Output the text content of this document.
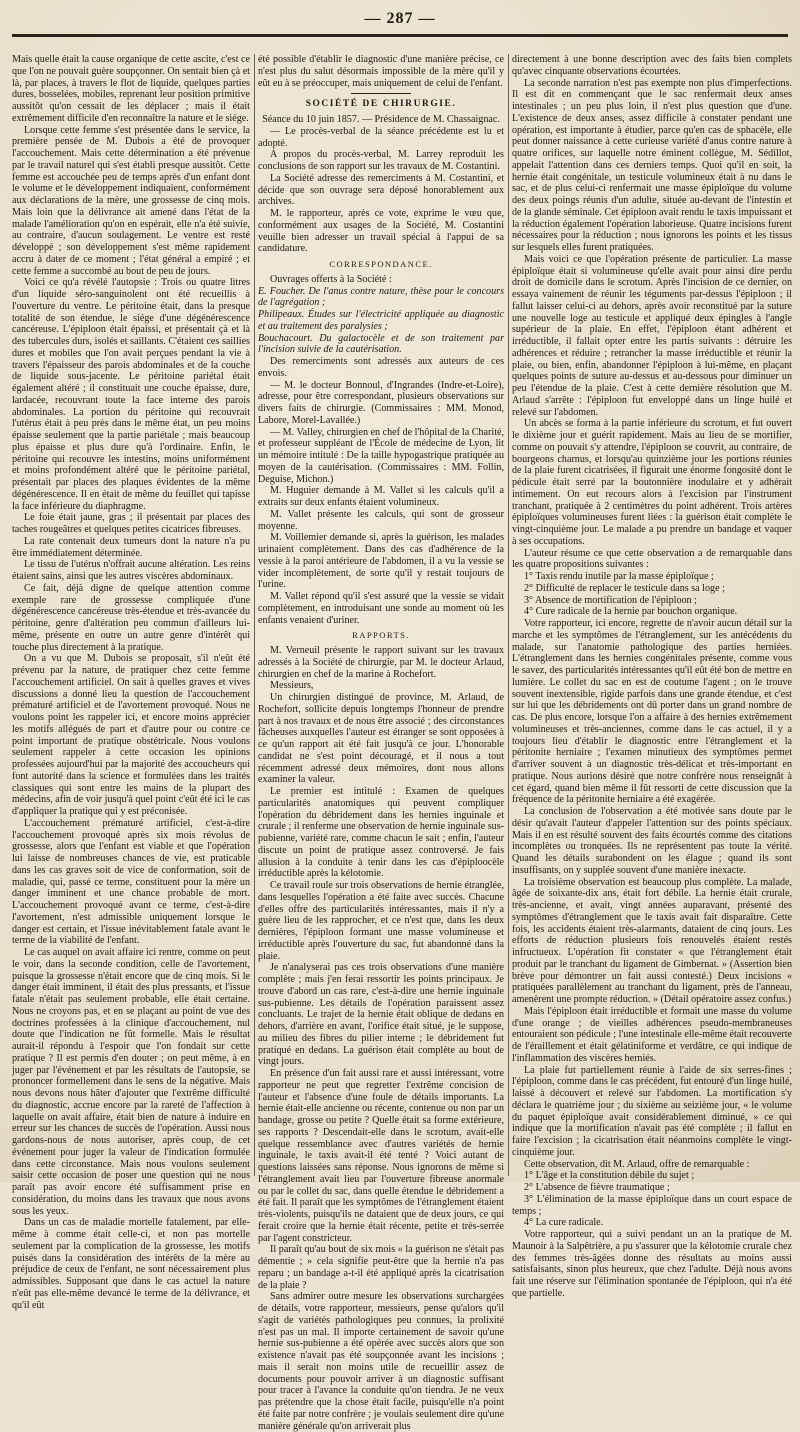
— 287 —

Mais quelle était la cause organique de cette ascite, c'est ce que l'on ne pouvait guère soupçonner. On sentait bien çà et là, par places, à travers le flot de liquide, quelques parties dures, bosselées, mobiles, reprenant leur position primitive aussitôt qu'on cessait de les déplacer ; mais il était extrêmement difficile d'en reconnaître la nature et le siége.

Lorsque cette femme s'est présentée dans le service, la première pensée de M. Dubois a été de provoquer l'accouchement. Mais cette détermination a été prévenue par le travail naturel qui s'est établi presque aussitôt. Cette femme est accouchée peu de temps après d'un enfant dont le volume et le développement indiquaient, conformément aux déclarations de la mère, une grossesse de cinq mois. Mais loin que la délivrance ait amené dans l'état de la malade l'amélioration qu'on en espérait, elle n'a été suivie, au contraire, d'aucun soulagement. Le ventre est resté développé ; son développement s'est même rapidement accru à dater de ce moment ; l'état général a empiré ; et cette femme a succombé au bout de peu de jours.

Voici ce qu'a révélé l'autopsie : Trois ou quatre litres d'un liquide séro-sanguinolent ont été recueillis à l'ouverture du ventre. Le péritoine était, dans la presque totalité de son étendue, le siége d'une dégénérescence cancéreuse. L'épiploon était épaissi, et présentait çà et là des tubercules durs, isolés et saillants. C'étaient ces saillies dures et mobiles que l'on avait perçues pendant la vie à travers l'épaisseur des parois abdominales et de la couche de liquide sous-jacente. Le péritoine pariétal était également altéré ; il constituait une couche épaisse, dure, lardacée, recouvrant toute la face interne des parois abdominales. La portion du péritoine qui recouvrait l'utérus était à peu près dans le même état, un peu moins épaisse seulement que la partie pariétale ; mais beaucoup plus épaisse et plus dure qu'à l'ordinaire. Enfin, le péritoine qui recouvre les intestins, moins uniformément et moins profondément altéré que le péritoine pariétal, présentait par places des plaques évidentes de la même dégénérescence. Il en était de même du feuillet qui tapisse la face inférieure du diaphragme.

Le foie était jaune, gras ; il présentait par places des taches rougeâtres et quelques petites cicatrices fibreuses.

La rate contenait deux tumeurs dont la nature n'a pu être immédiatement déterminée.

Le tissu de l'utérus n'offrait aucune altération. Les reins étaient sains, ainsi que les autres viscères abdominaux.

Ce fait, déjà digne de quelque attention comme exemple rare de grossesse compliquée d'une dégénérescence cancéreuse très-étendue et très-avancée du péritoine, genre d'altération peu commun d'ailleurs lui-même, présente en outre un autre genre d'intérêt qui touche plus directement à la pratique.

On a vu que M. Dubois se proposait, s'il n'eût été prévenu par la nature, de pratiquer chez cette femme l'accouchement artificiel. On sait à quelles graves et vives discussions a donné lieu la question de l'accouchement prématuré artificiel et de l'avortement provoqué. Nous ne voulons point les rappeler ici, et encore moins apprécier les motifs allégués de part et d'autre pour ou contre ce point important de pratique obstétricale. Nous voulons seulement rappeler à cette occasion les opinions professées aujourd'hui par la majorité des accoucheurs qui font autorité dans la science et formulées dans les traités classiques qui sont entre les mains de la plupart des médecins, afin de voir jusqu'à quel point c'eût été ici le cas d'appliquer la pratique qui y est préconisée.

L'accouchement prématuré artificiel, c'est-à-dire l'accouchement provoqué après six mois révolus de grossesse, alors que l'enfant est viable et que l'opération lui laisse de nombreuses chances de vie, est praticable dans les cas graves soit de vice de conformation, soit de maladie, qui, passé ce terme, constituent pour la mère un danger imminent et une chance probable de mort. L'accouchement provoqué avant ce terme, c'est-à-dire l'avortement, n'est admissible uniquement lorsque le danger est certain, et l'issue inévitablement fatale avant le terme de la viabilité de l'enfant.

Le cas auquel on avait affaire ici rentre, comme on peut le voir, dans la seconde condition, celle de l'avortement, puisque la grossesse n'était encore que de cinq mois. Si le danger était imminent, il était des plus pressants, et l'issue fatale n'était pas seulement probable, elle était certaine. Nous ne croyons pas, et en se plaçant au point de vue des doctrines professées à la clinique d'accouchement, nul doute que l'indication ne fût formelle. Mais le résultat aurait-il répondu à l'espoir que l'on fondait sur cette pratique ? Il est permis d'en douter ; on peut même, à en juger par l'événement et par les résultats de l'autopsie, se prononcer formellement dans le sens de la négative. Mais nous devons nous hâter d'ajouter que l'extrême difficulté du diagnostic, accrue encore par la rareté de l'affection à laquelle on avait affaire, était bien de nature à induire en erreur sur les chances de succès de l'opération. Aussi nous gardons-nous de nous autoriser, après coup, de cet événement pour juger la valeur de l'indication formulée dans cette circonstance. Mais nous voulons seulement saisir cette occasion de poser une question qui ne nous paraît pas avoir encore été suffisamment prise en considération, du moins dans les travaux que nous avons sous les yeux.

Dans un cas de maladie mortelle fatalement, par elle-même à comme était celle-ci, et non pas mortelle seulement par la complication de la grossesse, les motifs puisés dans la considération des intérêts de la mère au préjudice de ceux de l'enfant, ne sont nécessairement plus admissibles. Supposant que dans le cas actuel la nature n'eût pas elle-même devancé le terme de la délivrance, et qu'il eût

été possible d'établir le diagnostic d'une manière précise, ce n'est plus du salut désormais impossible de la mère qu'il y eût eu à se préoccuper, mais uniquement de celui de l'enfant.

SOCIÉTÉ DE CHIRURGIE.

Séance du 10 juin 1857. — Présidence de M. Chassaignac.

— Le procès-verbal de la séance précédente est lu et adopté.

A propos du procès-verbal, M. Larrey reproduit les conclusions de son rapport sur les travaux de M. Costantini.

La Société adresse des remerciments à M. Costantini, et décide que son ouvrage sera déposé honorablement aux archives.

M. le rapporteur, après ce vote, exprime le vœu que, conformément aux usages de la Société, M. Costantini veuille bien adresser un travail spécial à l'appui de sa candidature.

CORRESPONDANCE.

Ouvrages offerts à la Société :

E. Foucher. De l'anus contre nature, thèse pour le concours de l'agrégation ;

Philipeaux. Études sur l'électricité appliquée au diagnostic et au traitement des paralysies ;

Bouchacourt. Du galactocèle et de son traitement par l'incision suivie de la cautérisation.

Des remerciments sont adressés aux auteurs de ces envois.

— M. le docteur Bonnoul, d'Ingrandes (Indre-et-Loire), adresse, pour être correspondant, plusieurs observations sur divers faits de chirurgie. (Commissaires : MM. Monod, Labore, Morel-Lavallée.)

— M. Valley, chirurgien en chef de l'hôpital de la Charité, et professeur suppléant de l'École de médecine de Lyon, lit un mémoire intitulé : De la taille hypogastrique pratiquée au moyen de la cautérisation. (Commissaires : MM. Follin, Deguise, Michon.)

M. Huguier demande à M. Vallet si les calculs qu'il a extraits sur deux enfants étaient volumineux.

M. Vallet présente les calculs, qui sont de grosseur moyenne.

M. Voillemier demande si, après la guérison, les malades urinaient complètement. Dans des cas d'adhérence de la vessie à la paroi antérieure de l'abdomen, il a vu la vessie se vider incomplètement, de sorte qu'il y restait toujours de l'urine.

M. Vallet répond qu'il s'est assuré que la vessie se vidait complètement, en introduisant une sonde au moment où les enfants venaient d'uriner.

RAPPORTS.

M. Verneuil présente le rapport suivant sur les travaux adressés à la Société de chirurgie, par M. le docteur Arlaud, chirurgien en chef de la marine à Rochefort.

Messieurs,

Un chirurgien distingué de province, M. Arlaud, de Rochefort, sollicite depuis longtemps l'honneur de prendre part à nos travaux et de nous être associé ; des circonstances fâcheuses auxquelles l'auteur est étranger se sont opposées à ce qu'un rapport ait été fait jusqu'à ce jour. L'honorable candidat ne s'est point découragé, et il nous a tout récemment adressé deux mémoires, dont nous allons examiner la valeur.

Le premier est intitulé : Examen de quelques particularités anatomiques qui peuvent compliquer l'opération du débridement dans les hernies inguinale et crurale ; il renferme une observation de hernie inguinale sus-pubienne, variété rare, comme chacun le sait ; enfin, l'auteur discute un point de pratique assez controversé. Je fais allusion à la conduite à tenir dans les cas d'épiploocèle irréductible après la kélotomie.

Ce travail roule sur trois observations de hernie étranglée, dans lesquelles l'opération a été faite avec succès. Chacune d'elles offre des particularités intéressantes, mais il n'y a guère lieu de les rapprocher, et ce n'est que, dans les deux dernières, l'épiploon formant une masse volumineuse et irréductible après l'ouverture du sac, fut abandonné dans la plaie.

Je n'analyserai pas ces trois observations d'une manière complète ; mais j'en ferai ressortir les points principaux. Je trouve d'abord un cas rare, c'est-à-dire une hernie inguinale sus-pubienne. Les détails de l'opération paraissent assez concluants. Le trajet de la hernie était oblique de dedans en dehors, d'arrière en avant, l'orifice était situé, je le suppose, au milieu des fibres du pilier interne ; le débridement fut pratiqué en dedans. La guérison était complète au bout de vingt jours.

En présence d'un fait aussi rare et aussi intéressant, votre rapporteur ne peut que regretter l'extrême concision de l'auteur et l'absence d'une foule de détails importants. La hernie était-elle ancienne ou récente, contenue ou non par un bandage, grosse ou petite ? Quelle était sa forme extérieure, ses rapports ? Descendait-elle dans le scrotum, avait-elle quelque ressemblance avec d'autres variétés de hernie inguinale, le taxis avait-il été tenté ? Voici autant de questions laissées sans réponse. Nous ignorons de même si l'étranglement avait lieu par l'ouverture fibreuse anormale ou par le collet du sac, dans quelle étendue le débridement a été fait. Il paraît que les symptômes de l'étranglement étaient très-violents, puisqu'ils ne dataient que de deux jours, ce qui ferait croire que la hernie était récente, petite et très-serrée par l'agent constricteur.

Il paraît qu'au bout de six mois « la guérison ne s'était pas démentie ; » cela signifie peut-être que la hernie n'a pas reparu ; un bandage a-t-il été appliqué après la cicatrisation de la plaie ?

Sans admirer outre mesure les observations surchargées de détails, votre rapporteur, messieurs, pense qu'alors qu'il s'agit de variétés pathologiques peu connues, la prolixité n'est pas un mal. Il importe certainement de savoir qu'une hernie sus-pubienne a été opérée avec succès alors que son existence n'avait pas été soupçonnée avant les incisions ; mais il serait non moins utile de recueillir assez de documents pour pouvoir arriver à un diagnostic suffisant pour tracer à l'avance la conduite qu'on tiendra. Je ne veux pas prétendre que la chose était facile, puisqu'elle n'a point été faite par notre confrère ; je voulais seulement dire qu'une manière générale qu'on arriverait plus

directement à une bonne description avec des faits bien complets qu'avec cinquante observations écourtées.

La seconde narration n'est pas exempte non plus d'imperfections. Il est dit en commençant que le sac renfermait deux anses intestinales ; un peu plus loin, il n'est plus question que d'une. L'existence de deux anses, assez difficile à constater pendant une opération, est importante à étudier, parce qu'en cas de sphacèle, elle peut donner naissance à cette curieuse variété d'anus contre nature à quatre orifices, sur laquelle notre éminent collègue, M. Sédillot, appelait l'attention dans ces derniers temps. Quoi qu'il en soit, la hernie était congénitale, un testicule volumineux était à nu dans le sac, et de plus celui-ci renfermait une masse épiploïque du volume des deux poings réunis d'un adulte, située au-devant de l'intestin et de la glande séminale. Cet épiploon avait rendu le taxis impuissant et la réduction également l'opération laborieuse. Quatre incisions furent nécessaires pour la réduction ; nous ignorons les points et les tissus sur lesquels elles furent pratiquées.

Mais voici ce que l'opération présente de particulier. La masse épiploïque était si volumineuse qu'elle avait pour ainsi dire perdu droit de domicile dans le scrotum. Après l'incision de ce dernier, on essaya vainement de réunir les téguments par-dessus l'épiploon ; il fallut laisser celui-ci au dehors, après avoir reconstitué par la suture une nouvelle loge au testicule et appliqué deux épingles à l'angle supérieur de la plaie. En effet, l'épiploon étant adhérent et irréductible, il fallait opter entre les partis suivants : détruire les adhérences et réduire ; retrancher la masse irréductible et réunir la plaie, ou bien, enfin, abandonner l'épiploon à lui-même, en plaçant quelques points de suture au-dessus et au-dessous pour diminuer un peu l'étendue de la plaie. C'est à cette dernière résolution que M. Arlaud s'arrête : l'épiploon fut enveloppé dans un linge huilé et relevé sur l'abdomen.

Un abcès se forma à la partie inférieure du scrotum, et fut ouvert le dixième jour et guérit rapidement. Mais au lieu de se mortifier, comme on pouvait s'y attendre, l'épiploon se couvrit, au contraire, de bourgeons charnus, et lorsqu'au quinzième jour les portions réunies de la plaie furent cicatrisées, il figurait une énorme fongosité dont le pédicule était serré par la boutonnière inodulaire et y adhérait intimement. On eut recours alors à l'excision par l'instrument tranchant, pratiquée à 2 centimètres du point adhérent. Trois artères épiploïques volumineuses furent liées : la guérison était complète le vingt-cinquième jour. Le malade a pu prendre un bandage et vaquer à ses occupations.

L'auteur résume ce que cette observation a de remarquable dans les quatre propositions suivantes :

1° Taxis rendu inutile par la masse épiploïque ;

2° Difficulté de replacer le testicule dans sa loge ;

3° Absence de mortification de l'épiploon ;

4° Cure radicale de la hernie par bouchon organique.

Votre rapporteur, ici encore, regrette de n'avoir aucun détail sur la marche et les symptômes de l'étranglement, sur les antécédents du malade, sur l'anatomie pathologique des parties herniées. L'étranglement dans les hernies congénitales présente, comme vous le savez, des particularités intéressantes qu'il eût été bon de mettre en lumière. Le collet du sac en est de coutume l'agent ; on le trouve souvent inextensible, rigide parfois dans une grande étendue, et c'est sur lui que les débridements ont dû porter dans un grand nombre de cas. De plus encore, lorsque l'on a affaire à des hernies extrêmement volumineuses et très-anciennes, comme dans le cas actuel, il y a toujours lieu d'établir le diagnostic entre l'étranglement et la péritonite herniaire ; l'examen minutieux des symptômes permet d'arriver souvent à un diagnostic très-délicat et très-important en pratique. Nous aurions désiré que notre confrère nous renseignât à cet égard, quand bien même il fût ressorti de cette discussion que la fréquence de la péritonite herniaire a été exagérée.

La conclusion de l'observation a été motivée sans doute par le désir qu'avait l'auteur d'appeler l'attention sur des points spéciaux. Mais il en est résulté souvent des faits écourtés comme des citations incomplètes ou tronquées. Ils ne représentent pas toute la vérité. Quand les détails surabondent on les élague ; quand ils sont insuffisants, on y supplée souvent d'une manière inexacte.

La troisième observation est beaucoup plus complète. La malade, âgée de soixante-dix ans, était fort débile. La hernie était crurale, très-ancienne, et avait, vingt années auparavant, présenté des symptômes d'étranglement que le taxis avait fait disparaître. Cette fois, les accidents étaient très-alarmants, dataient de cinq jours. Les efforts de réduction plusieurs fois renouvelés étaient restés infructueux. L'opération fit constater « que l'étranglement était produit par le tranchant du ligament de Gimbernat. » (Assertion bien brève pour démontrer un fait aussi contesté.) Deux incisions « pratiquées parallèlement au tranchant du ligament, près de l'anneau, amenèrent une prompte réduction. » (Détail opératoire assez confus.)

Mais l'épiploon était irréductible et formait une masse du volume d'une orange ; de vieilles adhérences pseudo-membraneuses entouraient son pédicule ; l'une intestinale elle-même était recouverte de l'éraillement et était gélatiniforme et verdâtre, ce qui indique de l'inflammation des viscères herniés.

La plaie fut partiellement réunie à l'aide de six serres-fines ; l'épiploon, comme dans le cas précédent, fut entouré d'un linge huilé, laissé à découvert et relevé sur l'abdomen. La mortification s'y déclara le quatrième jour ; du sixième au seizième jour, « le volume du paquet épiploïque avait considérablement diminué, » ce qui indique que la mortification n'avait pas été complète ; il fallut en faire l'excision ; la cicatrisation était néanmoins complète le vingt-cinquième jour.

Cette observation, dit M. Arlaud, offre de remarquable :

1° L'âge et la constitution débile du sujet ;

2° L'absence de fièvre traumatique ;

3° L'élimination de la masse épiploïque dans un court espace de temps ;

4° La cure radicale.

Votre rapporteur, qui a suivi pendant un an la pratique de M. Maunoir à la Salpêtrière, a pu s'assurer que la kélotomie crurale chez des femmes très-âgées donne des résultats au moins aussi satisfaisants, sinon plus heureux, que chez l'adulte. Déjà nous avons fait une réserve sur l'élimination spontanée de l'épiploon, qui n'a été que partielle.
